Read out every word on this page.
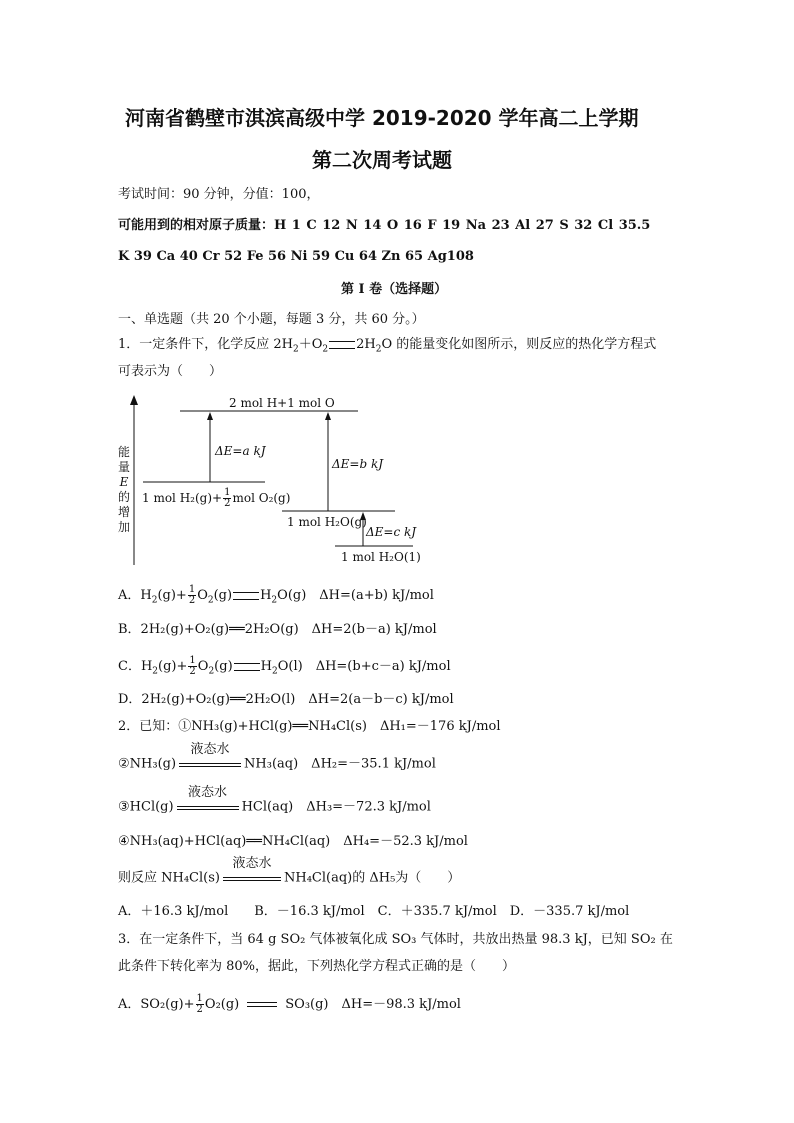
河南省鹤壁市淇滨高级中学 2019-2020 学年高二上学期
第二次周考试题
考试时间：90 分钟，分值：100，
可能用到的相对原子质量：H 1 C 12 N 14 O 16 F 19 Na 23 Al 27 S 32 Cl 35.5
K 39 Ca 40 Cr 52 Fe 56 Ni 59 Cu 64 Zn 65 Ag108
第 I 卷（选择题）
一、单选题（共 20 个小题，每题 3 分，共 60 分。）
1．一定条件下，化学反应 $2H_2+O_2$ $2H_2O$ 的能量变化如图所示，则反应的热化学方程式
可表示为（　　）
能
量
E
的
增
加
2 mol H+1 mol O
ΔE=a kJ
ΔE=b kJ
1 mol $H_2(g)+ \frac{1}{2}$ mol O₂(g)
1 mol H₂O(g)
ΔE=c kJ
1 mol H₂O(1)
A．$H_2(g)+ \frac{1}{2} O_2(g)$ $H_2O(g)$　ΔH=(a+b) kJ/mol
B．2H₂(g)+O₂(g)══2H₂O(g)　ΔH=2(b－a) kJ/mol
C．$H_2(g)+ \frac{1}{2} O_2(g)$ $H_2O(l)$　ΔH=(b+c－a) kJ/mol
D．2H₂(g)+O₂(g)══2H₂O(l)　ΔH=2(a－b－c) kJ/mol
2．已知：①NH₃(g)+HCl(g)══NH₄Cl(s)　ΔH₁=－176 kJ/mol
②NH₃(g)
液态水
NH₃(aq)　ΔH₂=－35.1 kJ/mol
③HCl(g)
液态水
HCl(aq)　ΔH₃=－72.3 kJ/mol
④NH₃(aq)+HCl(aq)══NH₄Cl(aq)　ΔH₄=－52.3 kJ/mol
则反应 NH₄Cl(s)
液态水
NH₄Cl(aq)的 ΔH₅为（　　）
A．＋16.3 kJ/mol　　B．－16.3 kJ/mol　C．＋335.7 kJ/mol　D．－335.7 kJ/mol
3．在一定条件下，当 64 g SO₂ 气体被氧化成 SO₃ 气体时，共放出热量 98.3 kJ，已知 SO₂ 在
此条件下转化率为 80%，据此，下列热化学方程式正确的是（　　）
A．$SO_2(g)+ \frac{1}{2} O_2(g)$	SO₃(g)　ΔH=－98.3 kJ/mol
